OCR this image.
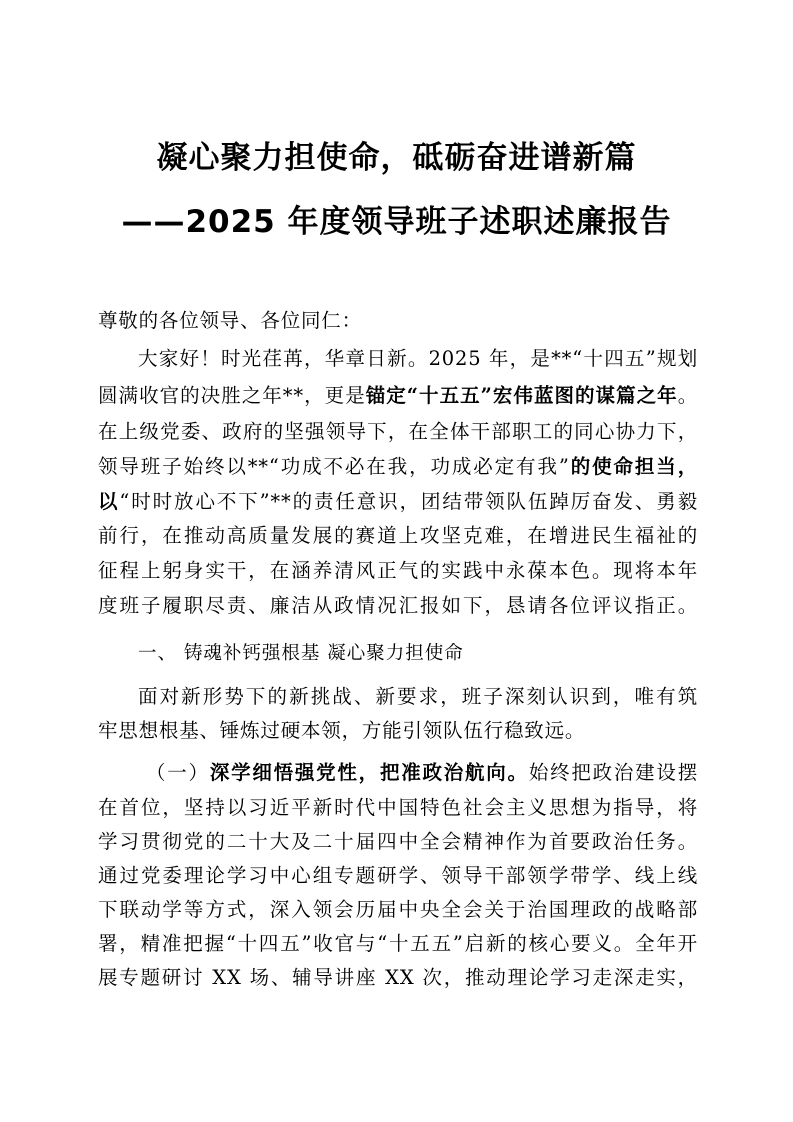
凝心聚力担使命，砥砺奋进谱新篇
——2025 年度领导班子述职述廉报告
尊敬的各位领导、各位同仁：
大家好！时光荏苒，华章日新。2025 年，是**“十四五”规划
圆满收官的决胜之年**，更是锚定“十五五”宏伟蓝图的谋篇之年。
在上级党委、政府的坚强领导下，在全体干部职工的同心协力下，
领导班子始终以**“功成不必在我，功成必定有我”的使命担当，
以“时时放心不下”**的责任意识，团结带领队伍踔厉奋发、勇毅
前行，在推动高质量发展的赛道上攻坚克难，在增进民生福祉的
征程上躬身实干，在涵养清风正气的实践中永葆本色。现将本年
度班子履职尽责、廉洁从政情况汇报如下，恳请各位评议指正。
一、 铸魂补钙强根基 凝心聚力担使命
面对新形势下的新挑战、新要求，班子深刻认识到，唯有筑
牢思想根基、锤炼过硬本领，方能引领队伍行稳致远。
（一）深学细悟强党性，把准政治航向。始终把政治建设摆
在首位，坚持以习近平新时代中国特色社会主义思想为指导，将
学习贯彻党的二十大及二十届四中全会精神作为首要政治任务。
通过党委理论学习中心组专题研学、领导干部领学带学、线上线
下联动学等方式，深入领会历届中央全会关于治国理政的战略部
署，精准把握“十四五”收官与“十五五”启新的核心要义。全年开
展专题研讨 XX 场、辅导讲座 XX 次，推动理论学习走深走实，
